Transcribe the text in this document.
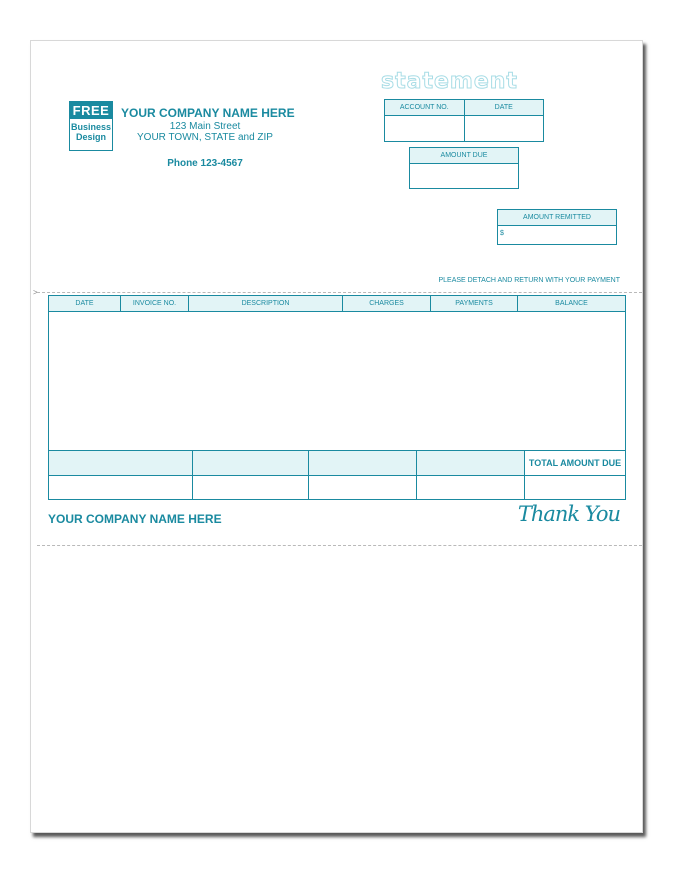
FREE
Business
Design
YOUR COMPANY NAME HERE
123 Main Street
YOUR TOWN, STATE and ZIP
Phone 123-4567
statement
ACCOUNT NO.	DATE
AMOUNT DUE
AMOUNT REMITTED
$
PLEASE DETACH AND RETURN WITH YOUR PAYMENT
>
DATE	INVOICE NO.	DESCRIPTION	CHARGES	PAYMENTS	BALANCE
TOTAL AMOUNT DUE
YOUR COMPANY NAME HERE	Thank You
